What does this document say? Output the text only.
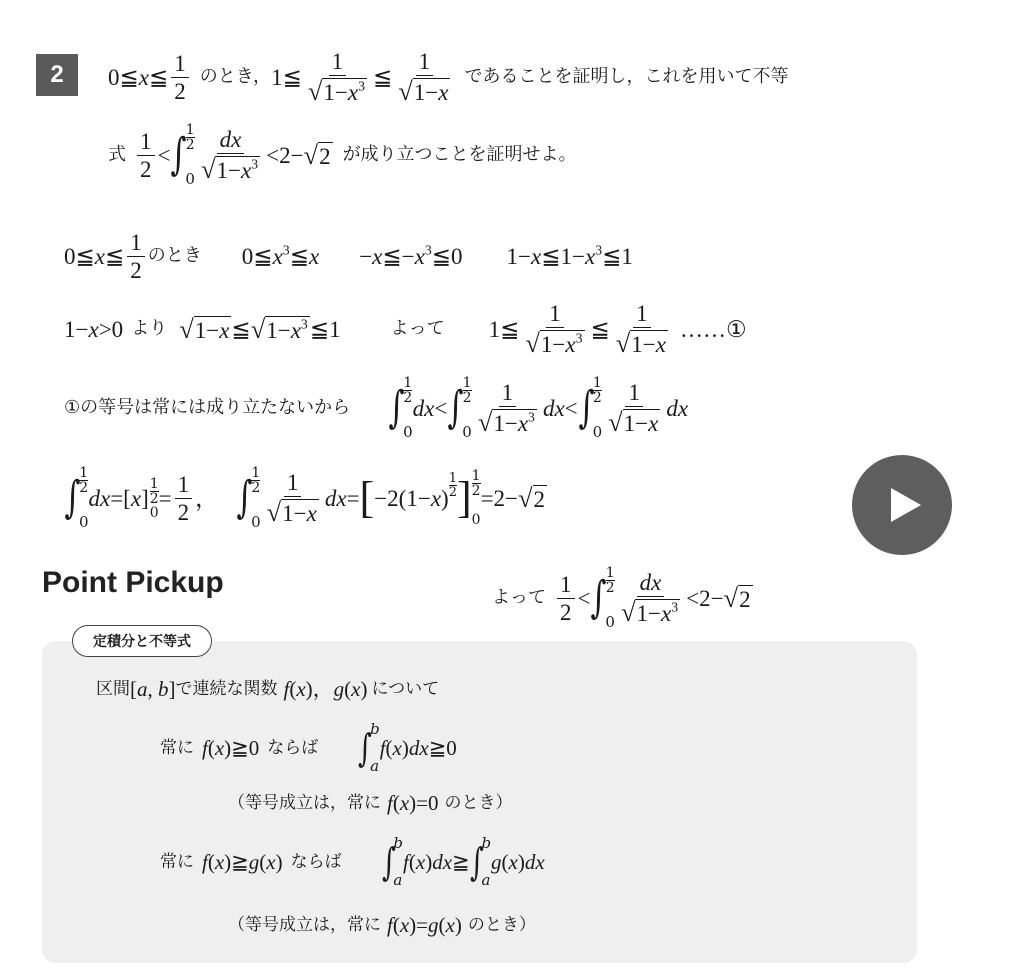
2	0≦x≦ $\frac{1}{2}$ のとき， 1≦ $\frac{1}{√ 1-x^3}$ ≦ $\frac{1}{√ 1-x}$ であることを証明し，これを用いて不等
式 $\frac{1}{2}$ < ∫
1
2
$0 \frac{dx}{√ 1-x^3} <2-$ √ 2 が成り立つことを証明せよ。
0≦x≦ $\frac{1}{2}$ のとき $0≦x^3≦x$ $-x≦-x^3≦0$ $1-x≦1-x^3≦1$
1−x>0 より √ 1−x ≦ √ $1-x^3$ ≦1	よって 1≦ $\frac{1}{√ 1-x^3}$ ≦ $\frac{1}{√ 1-x}$ …… ①
①の等号は常には成り立たないから ∫
1
2
0
dx< ∫
1
2
$0 \frac{1}{√ 1-x^3} dx<$ ∫
1
2
$0 \frac{1}{√ 1-x}$ dx
∫
1
2
0
$dx=[x] \frac{1}{2}$
0
= $\frac{1}{2}$ ， ∫
1
2
$0 \frac{1}{√ 1-x} dx=$ [ −2(1−x)
1
2 ] $\frac{1}{2}$
0
=2− √ 2
Point Pickup	よって $\frac{1}{2}$ < ∫
1
2
$0 \frac{dx}{√ 1-x^3} <2-$ √ 2
定積分と不等式
区間 [a, b] で連続な関数 f(x)，g(x) について
常に f(x)≧0 ならば ∫
b
a
f(x)dx≧0
（等号成立は，常に f(x)=0 のとき）
常に f(x)≧g(x) ならば ∫
b
a
f(x)dx≧ ∫
b
a
g(x)dx
（等号成立は，常に f(x)=g(x) のとき）
